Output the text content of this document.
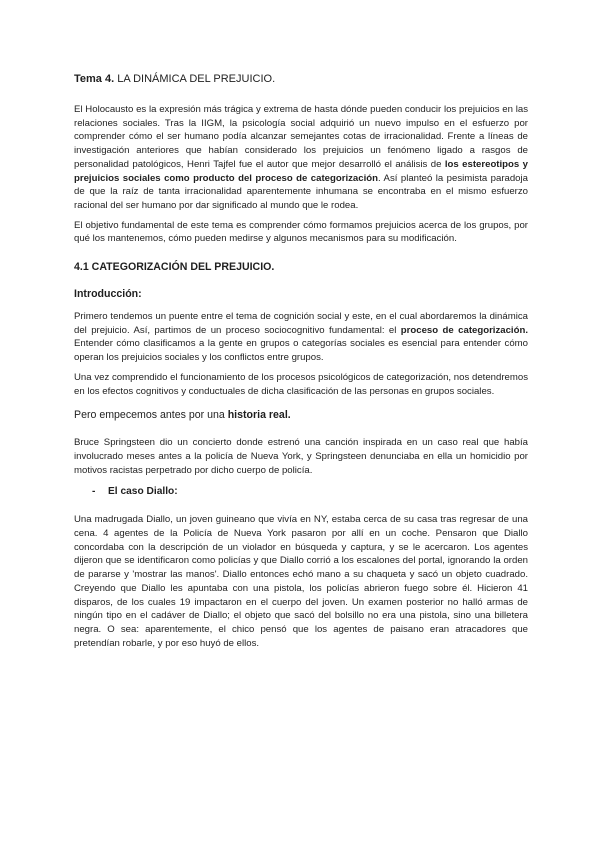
Tema 4. LA DINÁMICA DEL PREJUICIO.

El Holocausto es la expresión más trágica y extrema de hasta dónde pueden conducir los prejuicios en las relaciones sociales. Tras la IIGM, la psicología social adquirió un nuevo impulso en el esfuerzo por comprender cómo el ser humano podía alcanzar semejantes cotas de irracionalidad. Frente a líneas de investigación anteriores que habían considerado los prejuicios un fenómeno ligado a rasgos de personalidad patológicos, Henri Tajfel fue el autor que mejor desarrolló el análisis de los estereotipos y prejuicios sociales como producto del proceso de categorización. Así planteó la pesimista paradoja de que la raíz de tanta irracionalidad aparentemente inhumana se encontraba en el mismo esfuerzo racional del ser humano por dar significado al mundo que le rodea.

El objetivo fundamental de este tema es comprender cómo formamos prejuicios acerca de los grupos, por qué los mantenemos, cómo pueden medirse y algunos mecanismos para su modificación.

4.1 CATEGORIZACIÓN DEL PREJUICIO.
Introducción:

Primero tendemos un puente entre el tema de cognición social y este, en el cual abordaremos la dinámica del prejuicio. Así, partimos de un proceso sociocognitivo fundamental: el proceso de categorización. Entender cómo clasificamos a la gente en grupos o categorías sociales es esencial para entender cómo operan los prejuicios sociales y los conflictos entre grupos.

Una vez comprendido el funcionamiento de los procesos psicológicos de categorización, nos detendremos en los efectos cognitivos y conductuales de dicha clasificación de las personas en grupos sociales.

Pero empecemos antes por una historia real.

Bruce Springsteen dio un concierto donde estrenó una canción inspirada en un caso real que había involucrado meses antes a la policía de Nueva York, y Springsteen denunciaba en ella un homicidio por motivos racistas perpetrado por dicho cuerpo de policía.

- El caso Diallo:

Una madrugada Diallo, un joven guineano que vivía en NY, estaba cerca de su casa tras regresar de una cena. 4 agentes de la Policía de Nueva York pasaron por allí en un coche. Pensaron que Diallo concordaba con la descripción de un violador en búsqueda y captura, y se le acercaron. Los agentes dijeron que se identificaron como policías y que Diallo corrió a los escalones del portal, ignorando la orden de pararse y 'mostrar las manos'. Diallo entonces echó mano a su chaqueta y sacó un objeto cuadrado. Creyendo que Diallo les apuntaba con una pistola, los policías abrieron fuego sobre él. Hicieron 41 disparos, de los cuales 19 impactaron en el cuerpo del joven. Un examen posterior no halló armas de ningún tipo en el cadáver de Diallo; el objeto que sacó del bolsillo no era una pistola, sino una billetera negra. O sea: aparentemente, el chico pensó que los agentes de paisano eran atracadores que pretendían robarle, y por eso huyó de ellos.
